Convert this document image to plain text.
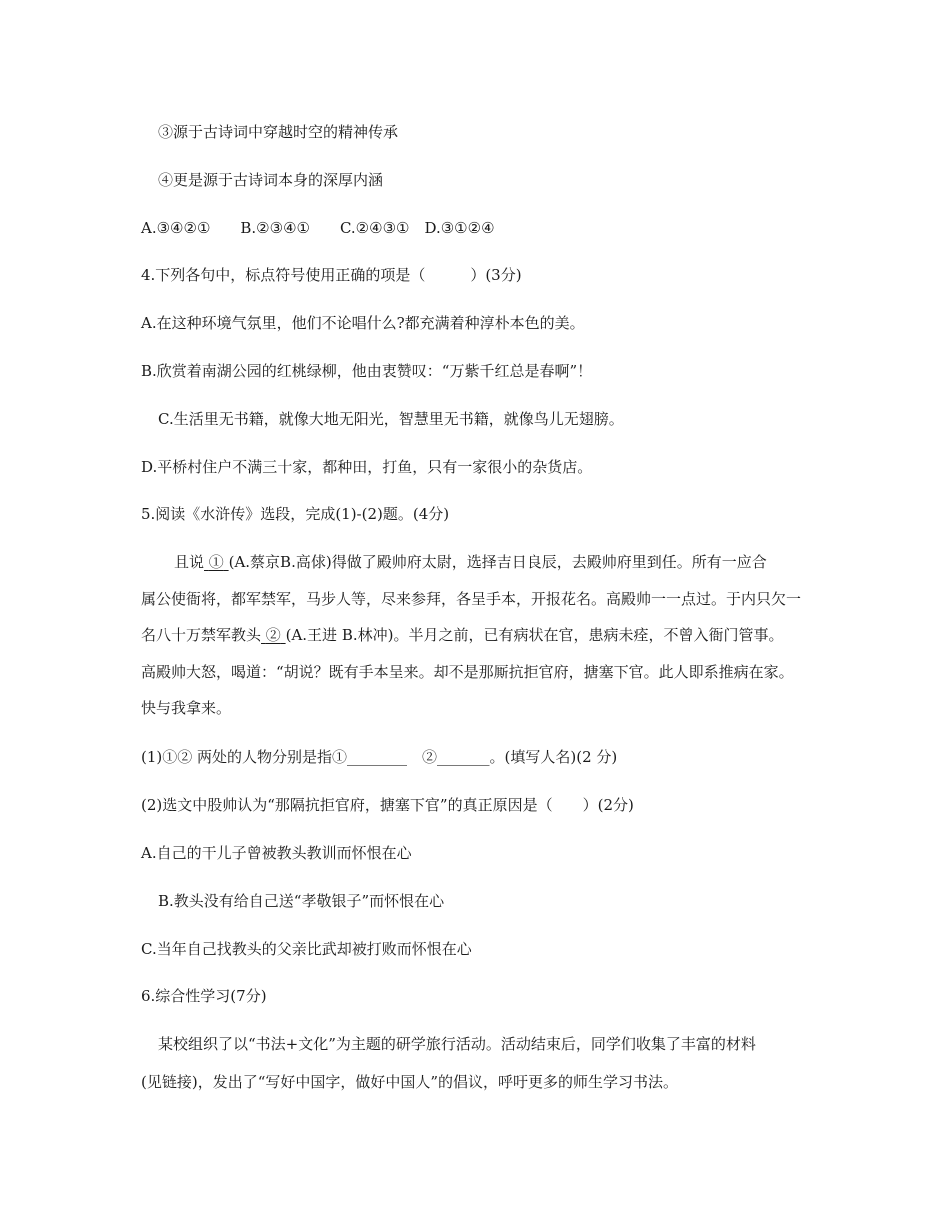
③源于古诗词中穿越时空的精神传承
④更是源于古诗词本身的深厚内涵
A.③④②①　　B.②③④①　　C.②④③①　D.③①②④
4.下列各句中，标点符号使用正确的项是（　　　）(3分)
A.在这种环境气氛里，他们不论唱什么?都充满着种淳朴本色的美。
B.欣赏着南湖公园的红桃绿柳，他由衷赞叹：“万紫千红总是春啊”！
C.生活里无书籍，就像大地无阳光，智慧里无书籍，就像鸟儿无翅膀。
D.平桥村住户不满三十家，都种田，打鱼，只有一家很小的杂货店。
5.阅读《水浒传》选段，完成(1)-(2)题。(4分)
且说 ① (A.蔡京B.高俅)得做了殿帅府太尉，选择吉日良辰，去殿帅府里到任。所有一应合
属公使衙将，都军禁军，马步人等，尽来参拜，各呈手本，开报花名。高殿帅一一点过。于内只欠一
名八十万禁军教头 ② (A.王进 B.林冲)。半月之前，已有病状在官，患病未痊，不曾入衙门管事。
高殿帅大怒，喝道：“胡说？既有手本呈来。却不是那厮抗拒官府，搪塞下官。此人即系推病在家。
快与我拿来。
(1)①② 两处的人物分别是指①________　②_______。(填写人名)(2 分)
(2)选文中股帅认为“那隔抗拒官府，搪塞下官”的真正原因是（　　）(2分)
A.自己的干儿子曾被教头教训而怀恨在心
B.教头没有给自己送“孝敬银子”而怀恨在心
C.当年自己找教头的父亲比武却被打败而怀恨在心
6.综合性学习(7分)
某校组织了以“书法+文化”为主题的研学旅行活动。活动结束后，同学们收集了丰富的材料
(见链接)，发出了“写好中国字，做好中国人”的倡议，呼吁更多的师生学习书法。
